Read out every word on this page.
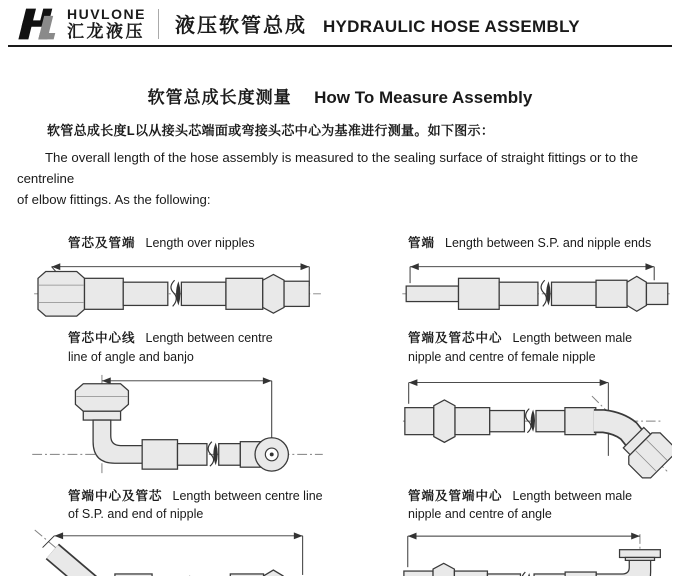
HUVLONE
汇龙液压 液压软管总成 HYDRAULIC HOSE ASSEMBLY
软管总成长度测量 How To Measure Assembly
软管总成长度L以从接头芯端面或弯接头芯中心为基准进行测量。如下图示：
The overall length of the hose assembly is measured to the sealing surface of straight fittings or to the centreline
of elbow fittings. As the following:
管芯及管端 Length over nipples	管端 Length between S.P. and nipple ends
管芯中心线 Length between centre line of angle and banjo
管端及管芯中心 Length between male nipple and centre of female nipple
管端中心及管芯 Length between centre line of S.P. and end of nipple
管端及管端中心 Length between male nipple and centre of angle
